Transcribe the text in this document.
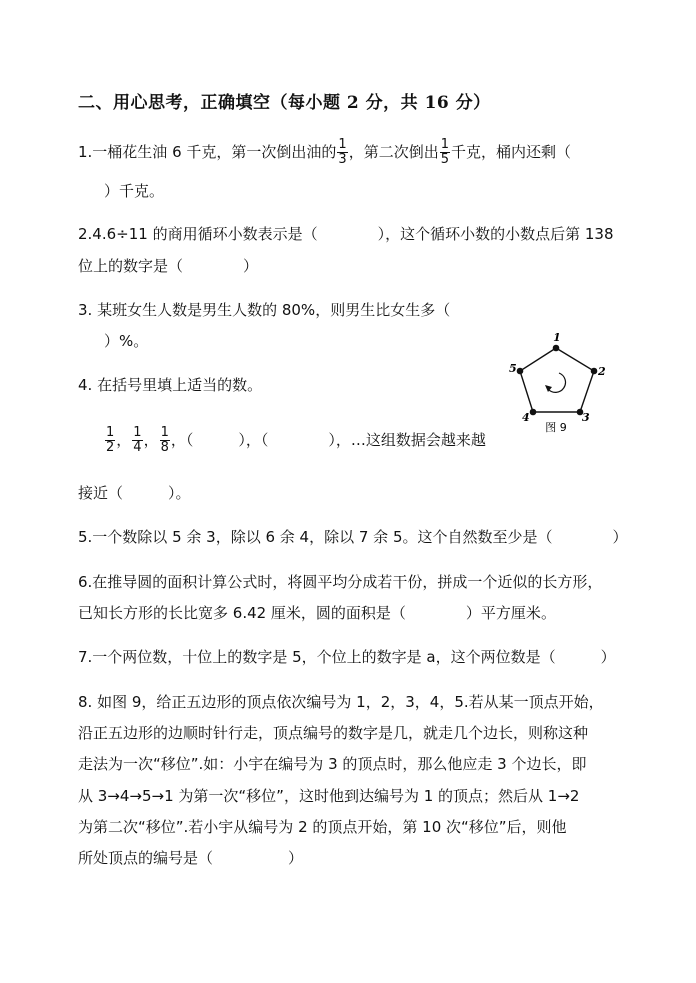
二、用心思考，正确填空（每小题 2 分，共 16 分）
1.一桶花生油 6 千克，第一次倒出油的 $\frac{1}{3}$ ，第二次倒出 $\frac{1}{5}$ 千克，桶内还剩（
）千克。
2.4.6÷11 的商用循环小数表示是（　　　　），这个循环小数的小数点后第 138
位上的数字是（　　　　）
3. 某班女生人数是男生人数的 80%，则男生比女生多（
）%。
4. 在括号里填上适当的数。
$\frac{1}{2}$ ， $\frac{1}{4}$ ， $\frac{1}{8}$ ，（　　　），（　　　　），…这组数据会越来越
接近（　　　）。
1
2
3
4
5
图 9
5.一个数除以 5 余 3，除以 6 余 4，除以 7 余 5。这个自然数至少是（　　　　）
6.在推导圆的面积计算公式时，将圆平均分成若干份，拼成一个近似的长方形，
已知长方形的长比宽多 6.42 厘米，圆的面积是（　　　　）平方厘米。
7.一个两位数，十位上的数字是 5，个位上的数字是 a，这个两位数是（　　　）
8. 如图 9，给正五边形的顶点依次编号为 1，2，3，4，5.若从某一顶点开始，
沿正五边形的边顺时针行走，顶点编号的数字是几，就走几个边长，则称这种
走法为一次“移位”.如：小宇在编号为 3 的顶点时，那么他应走 3 个边长，即
从 3→4→5→1 为第一次“移位”，这时他到达编号为 1 的顶点；然后从 1→2
为第二次“移位”.若小宇从编号为 2 的顶点开始，第 10 次“移位”后，则他
所处顶点的编号是（　　　　　）
